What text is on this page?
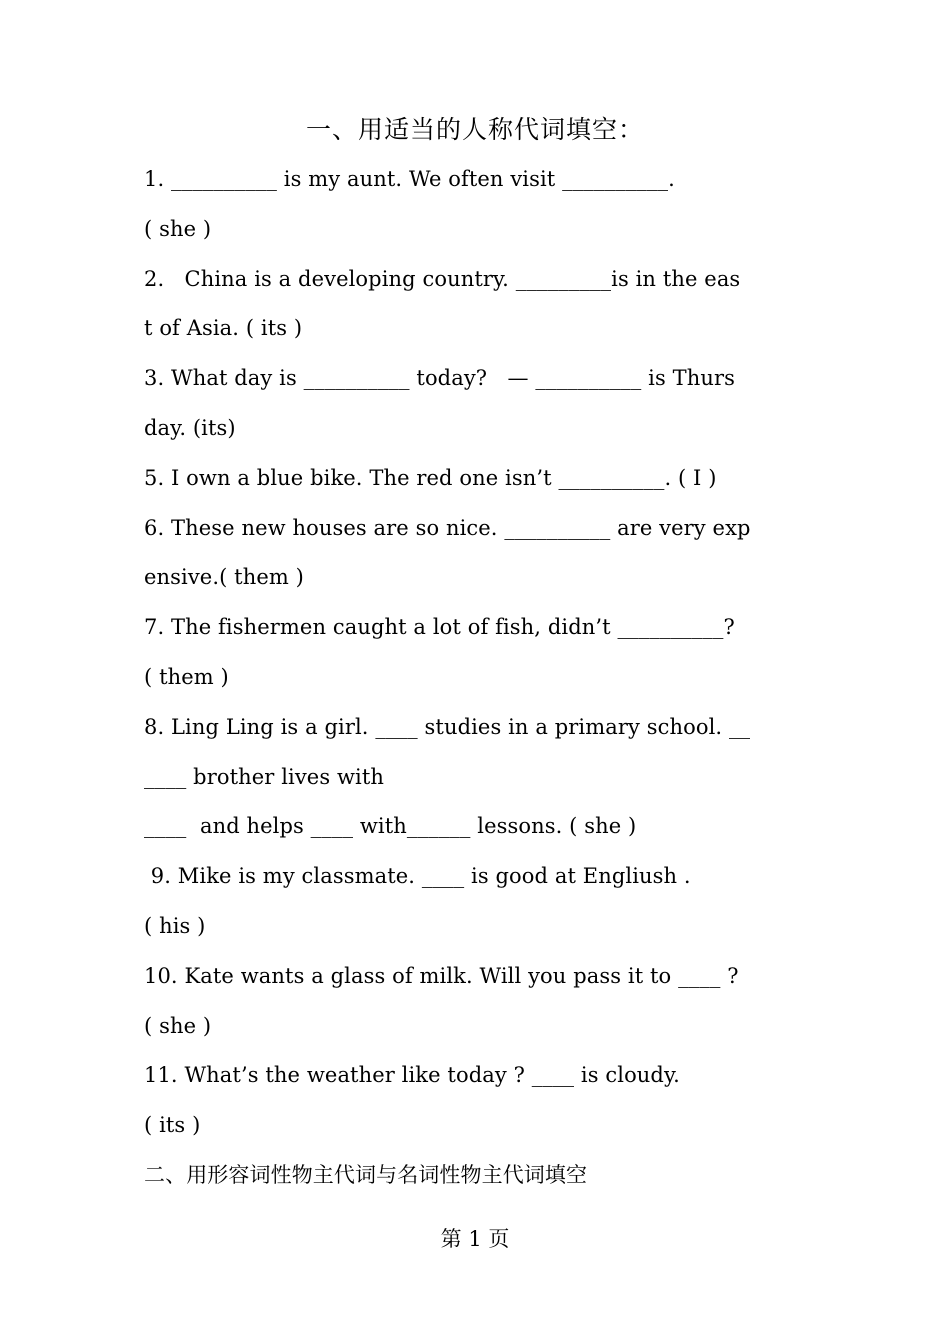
一、用适当的人称代词填空：
1. __________ is my aunt. We often visit __________.
( she )
2.   China is a developing country. _________is in the eas
t of Asia. ( its )
3. What day is __________ today?   — __________ is Thurs
day. (its)
5. I own a blue bike. The red one isn’t __________. ( I )
6. These new houses are so nice. __________ are very exp
ensive.( them )
7. The fishermen caught a lot of fish, didn’t __________?
( them )
8. Ling Ling is a girl. ____ studies in a primary school. __
____ brother lives with
____  and helps ____ with______ lessons. ( she )
9. Mike is my classmate. ____ is good at Engliush .
( his )
10. Kate wants a glass of milk. Will you pass it to ____ ?
( she )
11. What’s the weather like today ? ____ is cloudy.
( its )
二、用形容词性物主代词与名词性物主代词填空
第 1 页
